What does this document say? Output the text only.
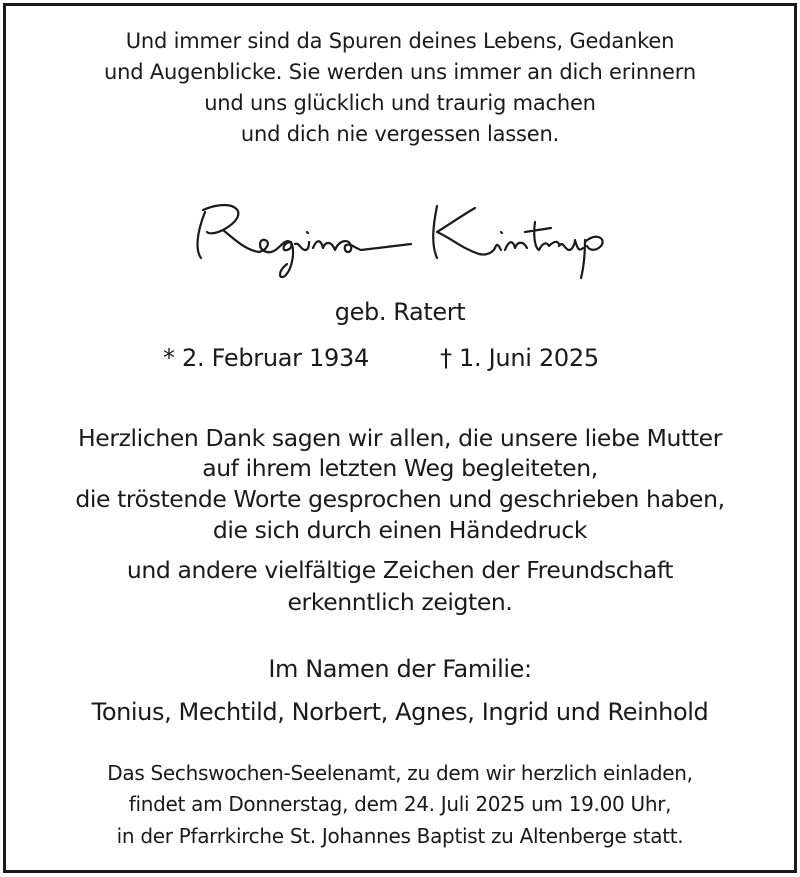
Und immer sind da Spuren deines Lebens, Gedanken
und Augenblicke. Sie werden uns immer an dich erinnern
und uns glücklich und traurig machen
und dich nie vergessen lassen.
geb. Ratert
* 2. Februar 1934	† 1. Juni 2025
Herzlichen Dank sagen wir allen, die unsere liebe Mutter
auf ihrem letzten Weg begleiteten,
die tröstende Worte gesprochen und geschrieben haben,
die sich durch einen Händedruck
und andere vielfältige Zeichen der Freundschaft
erkenntlich zeigten.
Im Namen der Familie:
Tonius, Mechtild, Norbert, Agnes, Ingrid und Reinhold
Das Sechswochen-Seelenamt, zu dem wir herzlich einladen,
findet am Donnerstag, dem 24. Juli 2025 um 19.00 Uhr,
in der Pfarrkirche St. Johannes Baptist zu Altenberge statt.
